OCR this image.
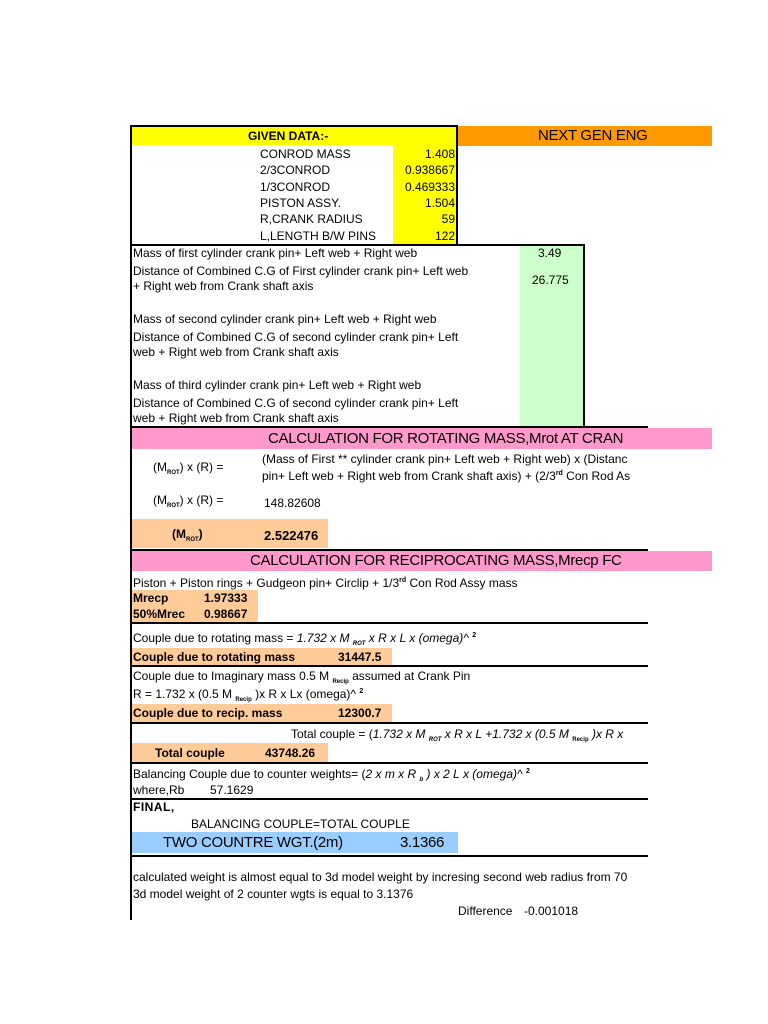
GIVEN DATA:-
CONROD MASS	1.408
2/3CONROD	0.938667
1/3CONROD	0.469333
PISTON ASSY.	1.504
R,CRANK RADIUS	59
L,LENGTH B/W PINS	122
NEXT GEN ENG
Mass of first cylinder crank pin+ Left web + Right web	3.49
Distance of Combined C.G of First cylinder crank pin+ Left web
+ Right web from Crank shaft axis	26.775
Mass of second cylinder crank pin+ Left web + Right web
Distance of Combined C.G of second cylinder crank pin+ Left
web + Right web from Crank shaft axis
Mass of third cylinder crank pin+ Left web + Right web
Distance of Combined C.G of second cylinder crank pin+ Left
web + Right web from Crank shaft axis
CALCULATION FOR ROTATING MASS,Mrot AT CRAN
$(M_{ROT})$ x (R) =
(Mass of First ** cylinder crank pin+ Left web + Right web) x (Distanc
pin+ Left web + Right web from Crank shaft axis) + (2/3rd Con Rod As
$(M_{ROT})$ x (R) =	148.82608
$(M_{ROT})$	2.522476
CALCULATION FOR RECIPROCATING MASS,Mrecp FC
Piston + Piston rings + Gudgeon pin+ Circlip + 1/3rd Con Rod Assy mass
Mrecp	1.97333
50%Mrec 0.98667
Couple due to rotating mass = 1.732 x M $_{ROT}$ x R x L x (omega)^ $^2$
Couple due to rotating mass	31447.5
Couple due to Imaginary mass 0.5 M $_{Recip}$ assumed at Crank Pin
R = 1.732 x (0.5 M $_{Recip}$ )x R x Lx (omega)^ $^2$
Couple due to recip. mass	12300.7
Total couple = (1.732 x M $_{ROT}$ x R x L +1.732 x (0.5 M $_{Recip}$ )x R x
Total couple	43748.26
Balancing Couple due to counter weights= (2 x m x R $_b$ ) x 2 L x (omega)^ $^2$
where,Rb 57.1629
FINAL,
BALANCING COUPLE=TOTAL COUPLE
TWO COUNTRE WGT.(2m)	3.1366
calculated weight is almost equal to 3d model weight by incresing second web radius from 70
3d model weight of 2 counter wgts is equal to 3.1376
Difference -0.001018
